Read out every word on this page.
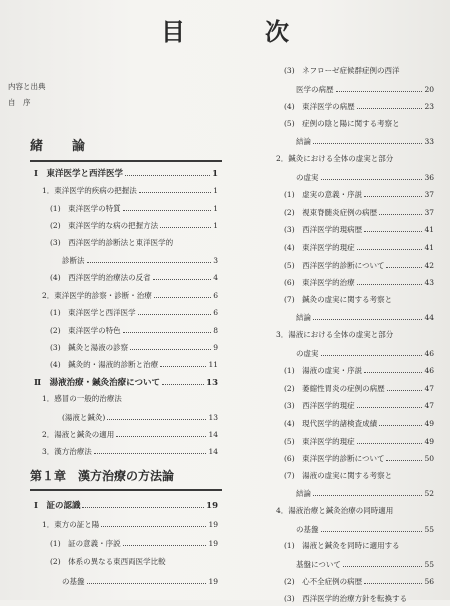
目　次
内容と出典
自　序
緒　論
Ⅰ　東洋医学と西洋医学	1
1．東洋医学的疾病の把握法	1
(1)　東洋医学の特質	1
(2)　東洋医学的な病の把握方法	1
(3)　西洋医学的診断法と東洋医学的
診断法	3
(4)　西洋医学的治療法の反省	4
2．東洋医学的診察・診断・治療	6
(1)　東洋医学と西洋医学	6
(2)　東洋医学の特色	8
(3)　鍼灸と湯液の診察	9
(4)　鍼灸的・湯液的診断と治療	11
Ⅱ　湯液治療・鍼灸治療について	13
1．感冒の一般的治療法
(湯液と鍼灸)	13
2．湯液と鍼灸の適用	14
3．漢方治療法	14
第１章　漢方治療の方法論
Ⅰ　証の認識	19
1．東方の証と陽	19
(1)　証の意義・序説	19
(2)　体系の異なる東西両医学比較
の基盤	19
(3)　ネフローゼ症候群症例の西洋
医学の病歴	20
(4)　東洋医学の病歴	23
(5)　症例の陰と陽に関する考察と
結論	33
2．鍼灸における全体の虚実と部分
の虚実	36
(1)　虚実の意義・序説	37
(2)　視束脊髄炎症例の病歴	37
(3)　西洋医学的現病歴	41
(4)　東洋医学的現症	41
(5)　西洋医学的診断について	42
(6)　東洋医学的治療	43
(7)　鍼灸の虚実に関する考察と
結論	44
3．湯液における全体の虚実と部分
の虚実	46
(1)　湯液の虚実・序説	46
(2)　萎縮性胃炎の症例の病歴	47
(3)　西洋医学的現症	47
(4)　現代医学的諸検査成績	49
(5)　東洋医学的現症	49
(6)　東洋医学的診断について	50
(7)　湯液の虚実に関する考察と
結論	52
4．湯液治療と鍼灸治療の同時適用
の基盤	55
(1)　湯液と鍼灸を同時に適用する
基盤について	55
(2)　心不全症例の病歴	56
(3)　西洋医学的治療方針を転換する
